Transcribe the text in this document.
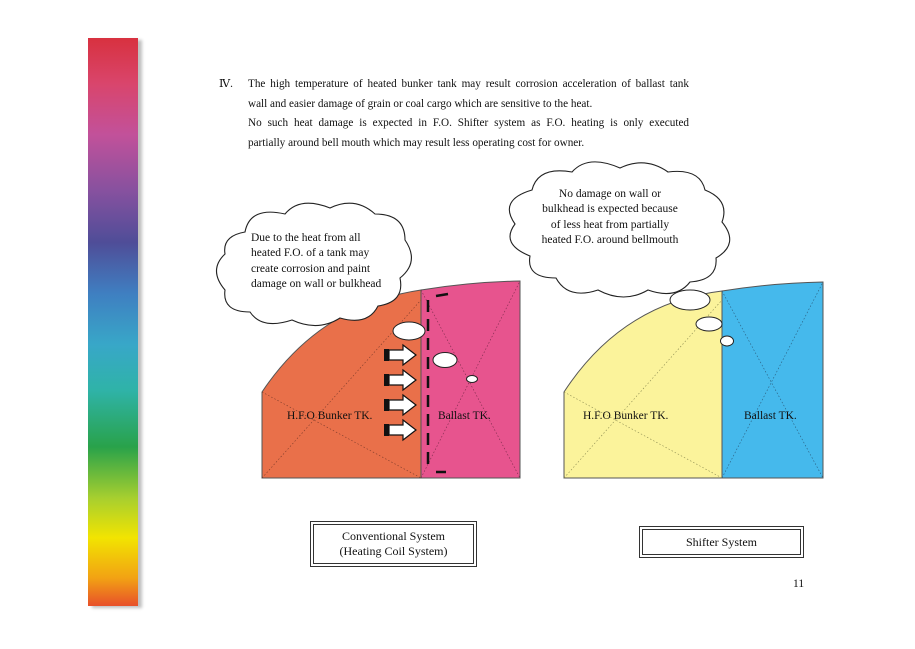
Ⅳ.	The high temperature of heated bunker tank may result corrosion acceleration of ballast tank

wall and easier damage of grain or coal cargo which are sensitive to the heat.

No such heat damage is expected in F.O. Shifter system as F.O. heating is only executed

partially around bell mouth which may result less operating cost for owner.

Due to the heat from all heated F.O. of a tank may create corrosion and paint damage on wall or bulkhead
No damage on wall or bulkhead is expected because of less heat from partially heated F.O. around bellmouth
H.F.O Bunker TK.	Ballast TK.	H.F.O Bunker TK.	Ballast TK.
Conventional System
(Heating Coil System)
Shifter System
11
